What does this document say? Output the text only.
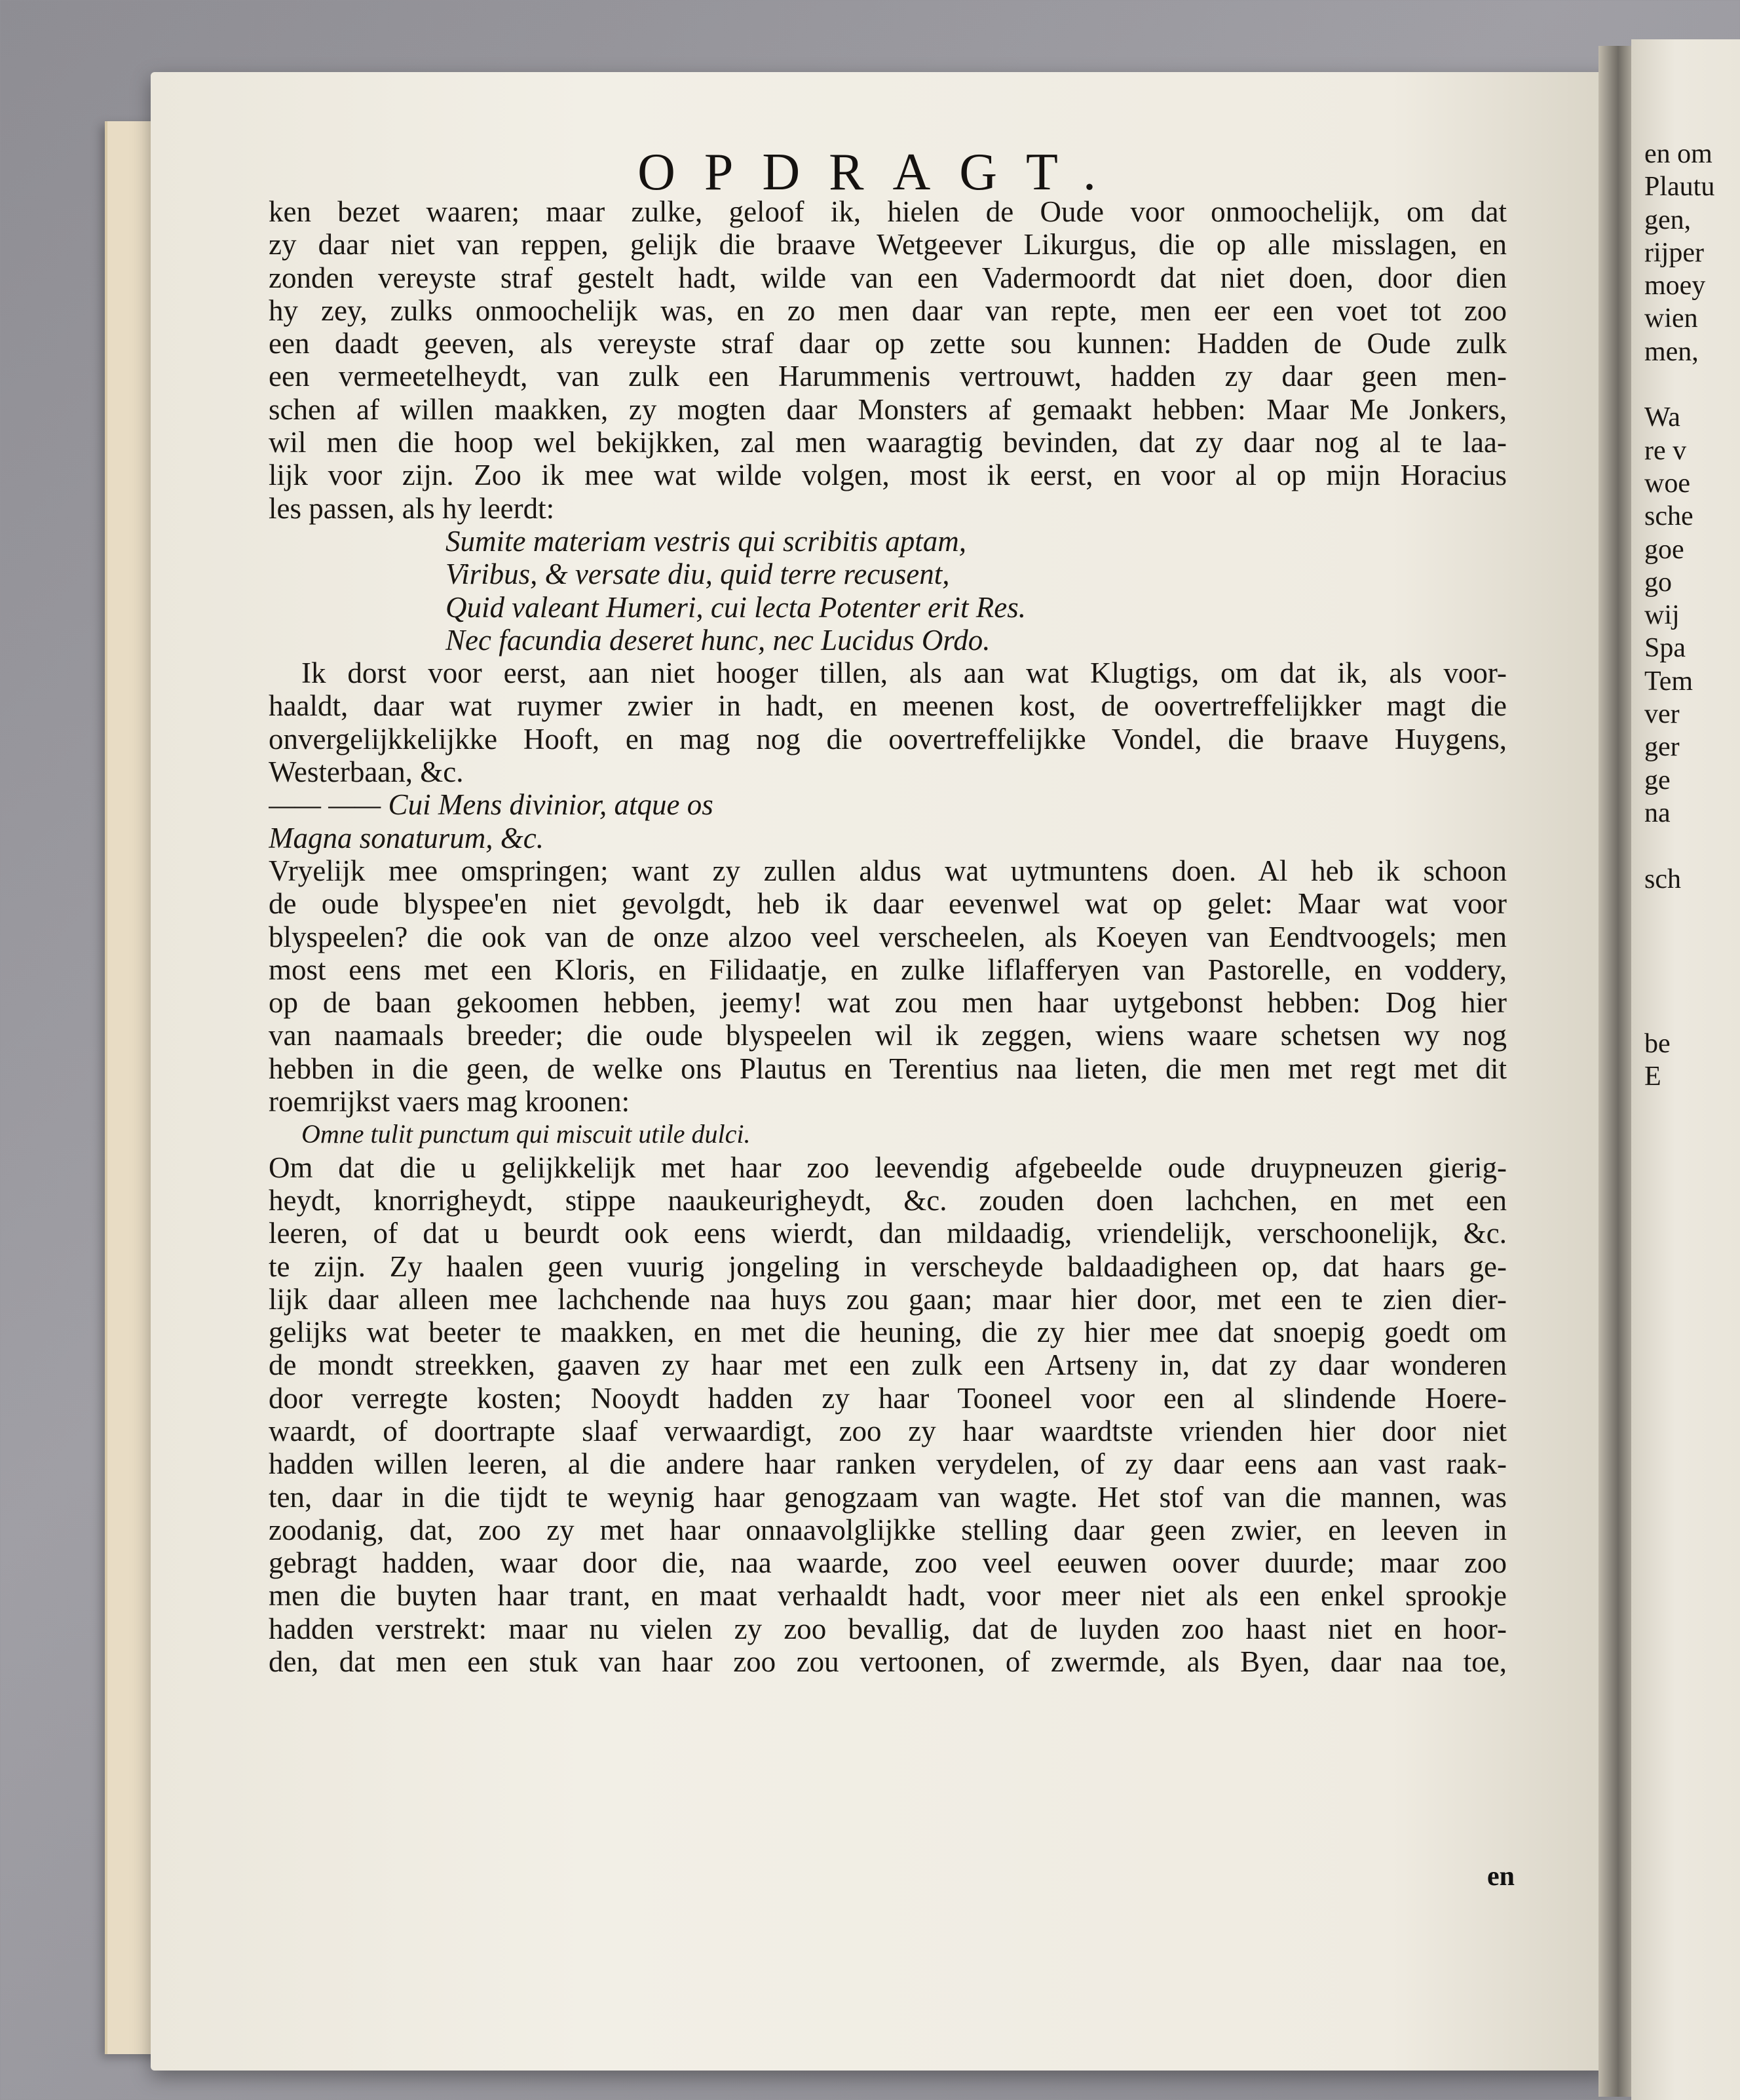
OPDRAGT.
ken bezet waaren; maar zulke, geloof ik, hielen de Oude voor onmoochelijk, om dat
zy daar niet van reppen, gelijk die braave Wetgeever Likurgus, die op alle misslagen, en
zonden vereyste straf gestelt hadt, wilde van een Vadermoordt dat niet doen, door dien
hy zey, zulks onmoochelijk was, en zo men daar van repte, men eer een voet tot zoo
een daadt geeven, als vereyste straf daar op zette sou kunnen: Hadden de Oude zulk
een vermeetelheydt, van zulk een Harummenis vertrouwt, hadden zy daar geen men-
schen af willen maakken, zy mogten daar Monsters af gemaakt hebben: Maar Me Jonkers,
wil men die hoop wel bekijkken, zal men waaragtig bevinden, dat zy daar nog al te laa-
lijk voor zijn. Zoo ik mee wat wilde volgen, most ik eerst, en voor al op mijn Horacius
les passen, als hy leerdt:
Sumite materiam vestris qui scribitis aptam,
Viribus, & versate diu, quid terre recusent,
Quid valeant Humeri, cui lecta Potenter erit Res.
Nec facundia deseret hunc, nec Lucidus Ordo.
Ik dorst voor eerst, aan niet hooger tillen, als aan wat Klugtigs, om dat ik, als voor-
haaldt, daar wat ruymer zwier in hadt, en meenen kost, de oovertreffelijkker magt die
onvergelijkkelijkke Hooft, en mag nog die oovertreffelijkke Vondel, die braave Huygens,
Westerbaan, &c.
—— —— Cui Mens divinior, atque os
Magna sonaturum, &c.
Vryelijk mee omspringen; want zy zullen aldus wat uytmuntens doen. Al heb ik schoon
de oude blyspee'en niet gevolgdt, heb ik daar eevenwel wat op gelet: Maar wat voor
blyspeelen? die ook van de onze alzoo veel verscheelen, als Koeyen van Eendtvoogels; men
most eens met een Kloris, en Filidaatje, en zulke liflafferyen van Pastorelle, en voddery,
op de baan gekoomen hebben, jeemy! wat zou men haar uytgebonst hebben: Dog hier
van naamaals breeder; die oude blyspeelen wil ik zeggen, wiens waare schetsen wy nog
hebben in die geen, de welke ons Plautus en Terentius naa lieten, die men met regt met dit
roemrijkst vaers mag kroonen:
Omne tulit punctum qui miscuit utile dulci.
Om dat die u gelijkkelijk met haar zoo leevendig afgebeelde oude druypneuzen gierig-
heydt, knorrigheydt, stippe naaukeurigheydt, &c. zouden doen lachchen, en met een
leeren, of dat u beurdt ook eens wierdt, dan mildaadig, vriendelijk, verschoonelijk, &c.
te zijn. Zy haalen geen vuurig jongeling in verscheyde baldaadigheen op, dat haars ge-
lijk daar alleen mee lachchende naa huys zou gaan; maar hier door, met een te zien dier-
gelijks wat beeter te maakken, en met die heuning, die zy hier mee dat snoepig goedt om
de mondt streekken, gaaven zy haar met een zulk een Artseny in, dat zy daar wonderen
door verregte kosten; Nooydt hadden zy haar Tooneel voor een al slindende Hoere-
waardt, of doortrapte slaaf verwaardigt, zoo zy haar waardtste vrienden hier door niet
hadden willen leeren, al die andere haar ranken verydelen, of zy daar eens aan vast raak-
ten, daar in die tijdt te weynig haar genogzaam van wagte. Het stof van die mannen, was
zoodanig, dat, zoo zy met haar onnaavolglijkke stelling daar geen zwier, en leeven in
gebragt hadden, waar door die, naa waarde, zoo veel eeuwen oover duurde; maar zoo
men die buyten haar trant, en maat verhaaldt hadt, voor meer niet als een enkel sprookje
hadden verstrekt: maar nu vielen zy zoo bevallig, dat de luyden zoo haast niet en hoor-
den, dat men een stuk van haar zoo zou vertoonen, of zwermde, als Byen, daar naa toe,
en
en om
Plautu
gen,
rijper
moey
wien
men,
Wa
re v
woe
sche
goe
go
wij
Spa
Tem
ver
ger
ge
na
sch
be
E
